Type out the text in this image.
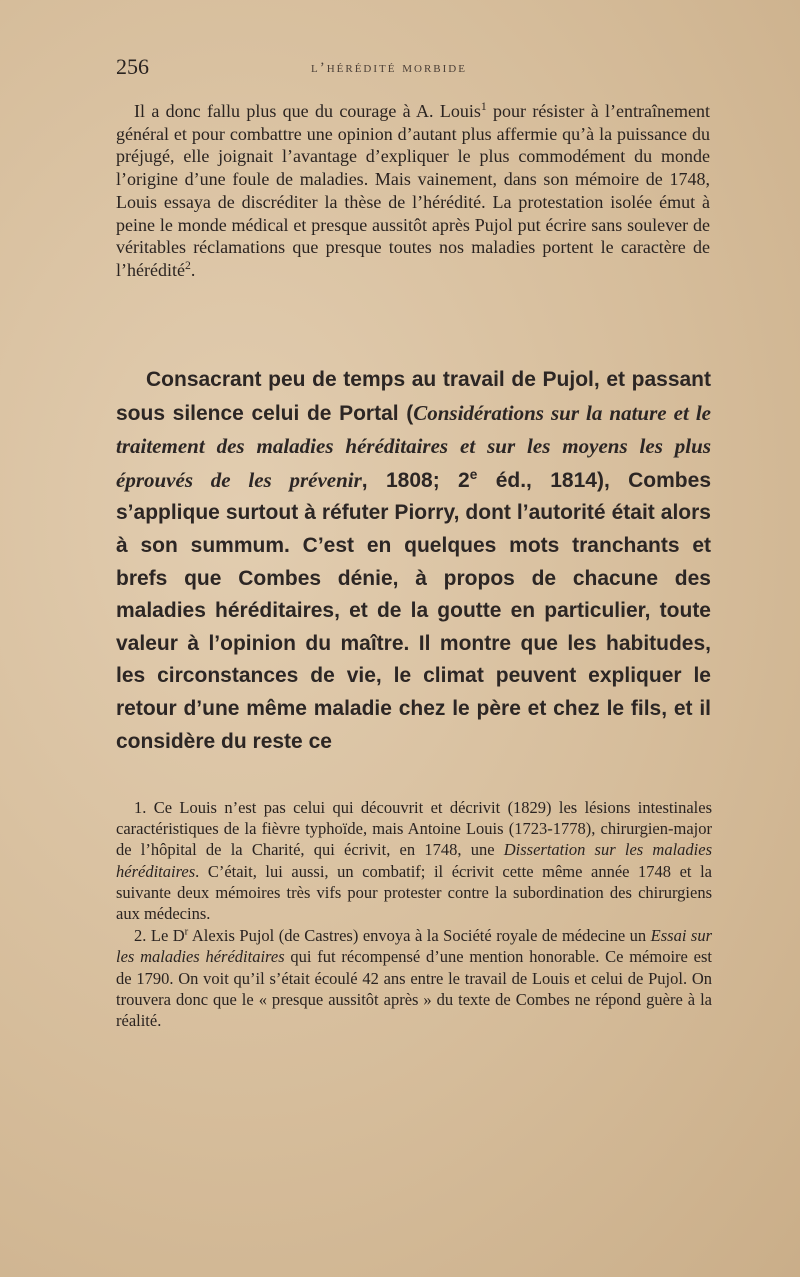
256	l’hérédité morbide

Il a donc fallu plus que du courage à A. Louis$^1$ pour résister à l’entraînement général et pour combattre une opinion d’autant plus affermie qu’à la puissance du préjugé, elle joignait l’avantage d’expliquer le plus commodément du monde l’origine d’une foule de maladies. Mais vainement, dans son mémoire de 1748, Louis essaya de discréditer la thèse de l’hérédité. La protestation isolée émut à peine le monde médical et presque aussitôt après Pujol put écrire sans soulever de véritables réclamations que presque toutes nos maladies portent le caractère de l’hérédité$^2$.

Consacrant peu de temps au travail de Pujol, et passant sous silence celui de Portal (Considérations sur la nature et le traitement des maladies héréditaires et sur les moyens les plus éprouvés de les prévenir, 1808; 2e éd., 1814), Combes s’applique surtout à réfuter Piorry, dont l’autorité était alors à son summum. C’est en quelques mots tranchants et brefs que Combes dénie, à propos de chacune des maladies héréditaires, et de la goutte en particulier, toute valeur à l’opinion du maître. Il montre que les habitudes, les circonstances de vie, le climat peuvent expliquer le retour d’une même maladie chez le père et chez le fils, et il considère du reste ce

1. Ce Louis n’est pas celui qui découvrit et décrivit (1829) les lésions intestinales caractéristiques de la fièvre typhoïde, mais Antoine Louis (1723-1778), chirurgien-major de l’hôpital de la Charité, qui écrivit, en 1748, une Dissertation sur les maladies héréditaires. C’était, lui aussi, un combatif; il écrivit cette même année 1748 et la suivante deux mémoires très vifs pour protester contre la subordination des chirurgiens aux médecins.

2. Le $D^r$ Alexis Pujol (de Castres) envoya à la Société royale de médecine un Essai sur les maladies héréditaires qui fut récompensé d’une mention honorable. Ce mémoire est de 1790. On voit qu’il s’était écoulé 42 ans entre le travail de Louis et celui de Pujol. On trouvera donc que le « presque aussitôt après » du texte de Combes ne répond guère à la réalité.
